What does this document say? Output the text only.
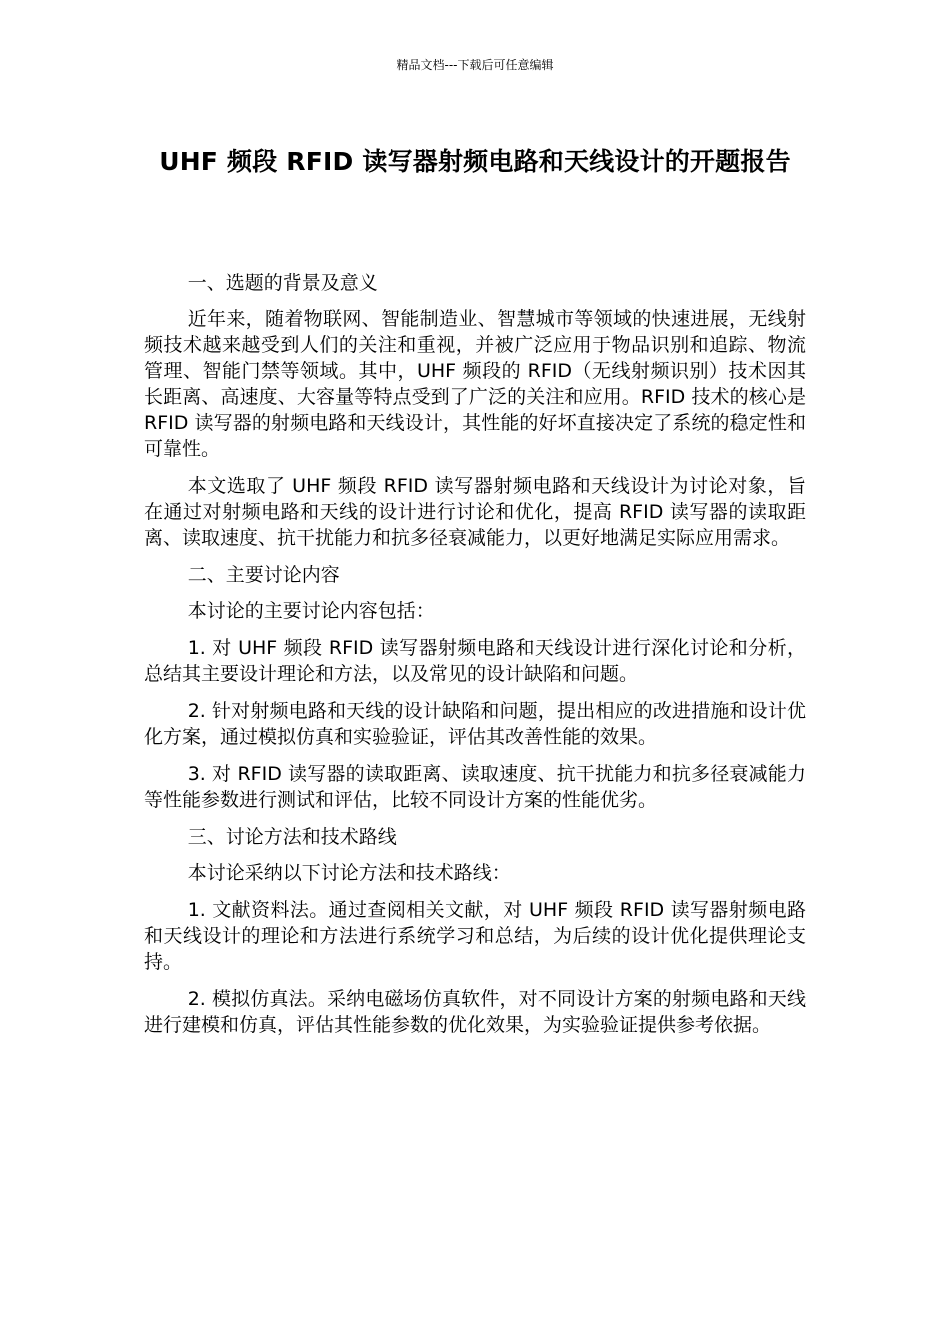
精品文档---下载后可任意编辑
UHF 频段 RFID 读写器射频电路和天线设计的开题报告

一、选题的背景及意义

近年来，随着物联网、智能制造业、智慧城市等领域的快速进展，无线射频技术越来越受到人们的关注和重视，并被广泛应用于物品识别和追踪、物流管理、智能门禁等领域。其中，UHF 频段的 RFID（无线射频识别）技术因其长距离、高速度、大容量等特点受到了广泛的关注和应用。RFID 技术的核心是 RFID 读写器的射频电路和天线设计，其性能的好坏直接决定了系统的稳定性和可靠性。

本文选取了 UHF 频段 RFID 读写器射频电路和天线设计为讨论对象，旨在通过对射频电路和天线的设计进行讨论和优化，提高 RFID 读写器的读取距离、读取速度、抗干扰能力和抗多径衰减能力，以更好地满足实际应用需求。

二、主要讨论内容

本讨论的主要讨论内容包括：

1. 对 UHF 频段 RFID 读写器射频电路和天线设计进行深化讨论和分析，总结其主要设计理论和方法，以及常见的设计缺陷和问题。

2. 针对射频电路和天线的设计缺陷和问题，提出相应的改进措施和设计优化方案，通过模拟仿真和实验验证，评估其改善性能的效果。

3. 对 RFID 读写器的读取距离、读取速度、抗干扰能力和抗多径衰减能力等性能参数进行测试和评估，比较不同设计方案的性能优劣。

三、讨论方法和技术路线

本讨论采纳以下讨论方法和技术路线：

1. 文献资料法。通过查阅相关文献，对 UHF 频段 RFID 读写器射频电路和天线设计的理论和方法进行系统学习和总结，为后续的设计优化提供理论支持。

2. 模拟仿真法。采纳电磁场仿真软件，对不同设计方案的射频电路和天线进行建模和仿真，评估其性能参数的优化效果，为实验验证提供参考依据。
